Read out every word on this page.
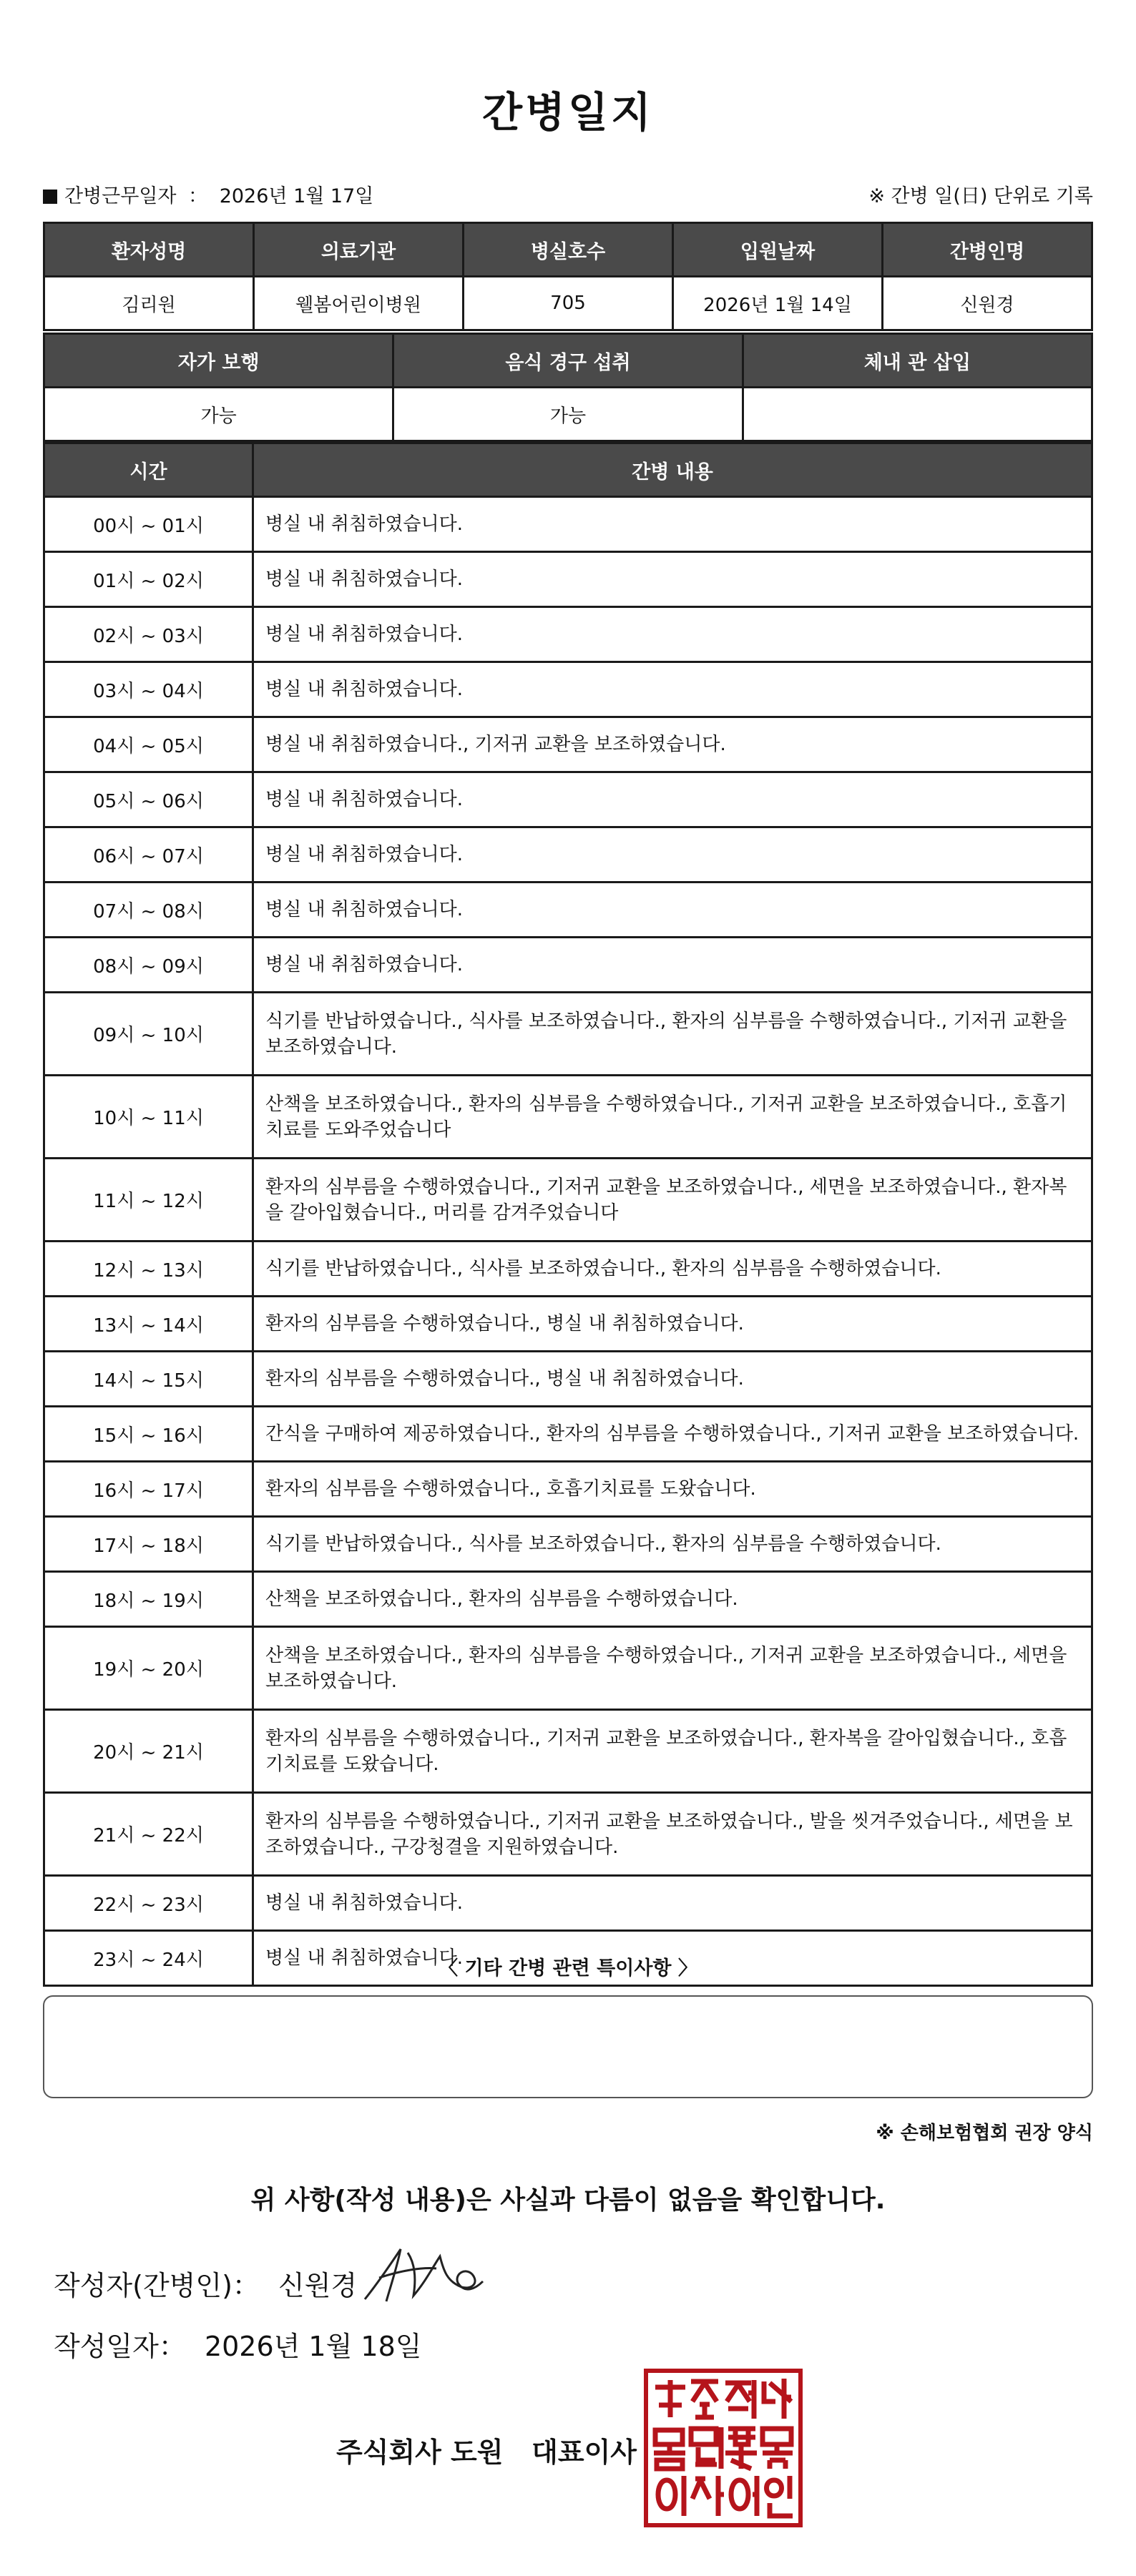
간병일지
간병근무일자 ： 2026년 1월 17일	※ 간병 일(日) 단위로 기록
환자성명	의료기관	병실호수	입원날짜	간병인명
김리원	웰봄어린이병원	705	2026년 1월 14일	신원경
자가 보행	음식 경구 섭취	체내 관 삽입
가능	가능	
시간	간병 내용
00시 ~ 01시	병실 내 취침하였습니다.
01시 ~ 02시	병실 내 취침하였습니다.
02시 ~ 03시	병실 내 취침하였습니다.
03시 ~ 04시	병실 내 취침하였습니다.
04시 ~ 05시	병실 내 취침하였습니다., 기저귀 교환을 보조하였습니다.
05시 ~ 06시	병실 내 취침하였습니다.
06시 ~ 07시	병실 내 취침하였습니다.
07시 ~ 08시	병실 내 취침하였습니다.
08시 ~ 09시	병실 내 취침하였습니다.
09시 ~ 10시	식기를 반납하였습니다., 식사를 보조하였습니다., 환자의 심부름을 수행하였습니다., 기저귀 교환을 보조하였습니다.
10시 ~ 11시	산책을 보조하였습니다., 환자의 심부름을 수행하였습니다., 기저귀 교환을 보조하였습니다., 호흡기치료를 도와주었습니다
11시 ~ 12시	환자의 심부름을 수행하였습니다., 기저귀 교환을 보조하였습니다., 세면을 보조하였습니다., 환자복을 갈아입혔습니다., 머리를 감겨주었습니다
12시 ~ 13시	식기를 반납하였습니다., 식사를 보조하였습니다., 환자의 심부름을 수행하였습니다.
13시 ~ 14시	환자의 심부름을 수행하였습니다., 병실 내 취침하였습니다.
14시 ~ 15시	환자의 심부름을 수행하였습니다., 병실 내 취침하였습니다.
15시 ~ 16시	간식을 구매하여 제공하였습니다., 환자의 심부름을 수행하였습니다., 기저귀 교환을 보조하였습니다.
16시 ~ 17시	환자의 심부름을 수행하였습니다., 호흡기치료를 도왔습니다.
17시 ~ 18시	식기를 반납하였습니다., 식사를 보조하였습니다., 환자의 심부름을 수행하였습니다.
18시 ~ 19시	산책을 보조하였습니다., 환자의 심부름을 수행하였습니다.
19시 ~ 20시	산책을 보조하였습니다., 환자의 심부름을 수행하였습니다., 기저귀 교환을 보조하였습니다., 세면을 보조하였습니다.
20시 ~ 21시	환자의 심부름을 수행하였습니다., 기저귀 교환을 보조하였습니다., 환자복을 갈아입혔습니다., 호흡기치료를 도왔습니다.
21시 ~ 22시	환자의 심부름을 수행하였습니다., 기저귀 교환을 보조하였습니다., 발을 씻겨주었습니다., 세면을 보조하였습니다., 구강청결을 지원하였습니다.
22시 ~ 23시	병실 내 취침하였습니다.
23시 ~ 24시	병실 내 취침하였습니다.
〈 기타 간병 관련 특이사항 〉
※ 손해보험협회 권장 양식
위 사항(작성 내용)은 사실과 다름이 없음을 확인합니다.
작성자(간병인)： 신원경
작성일자： 2026년 1월 18일
주식회사 도원   대표이사
